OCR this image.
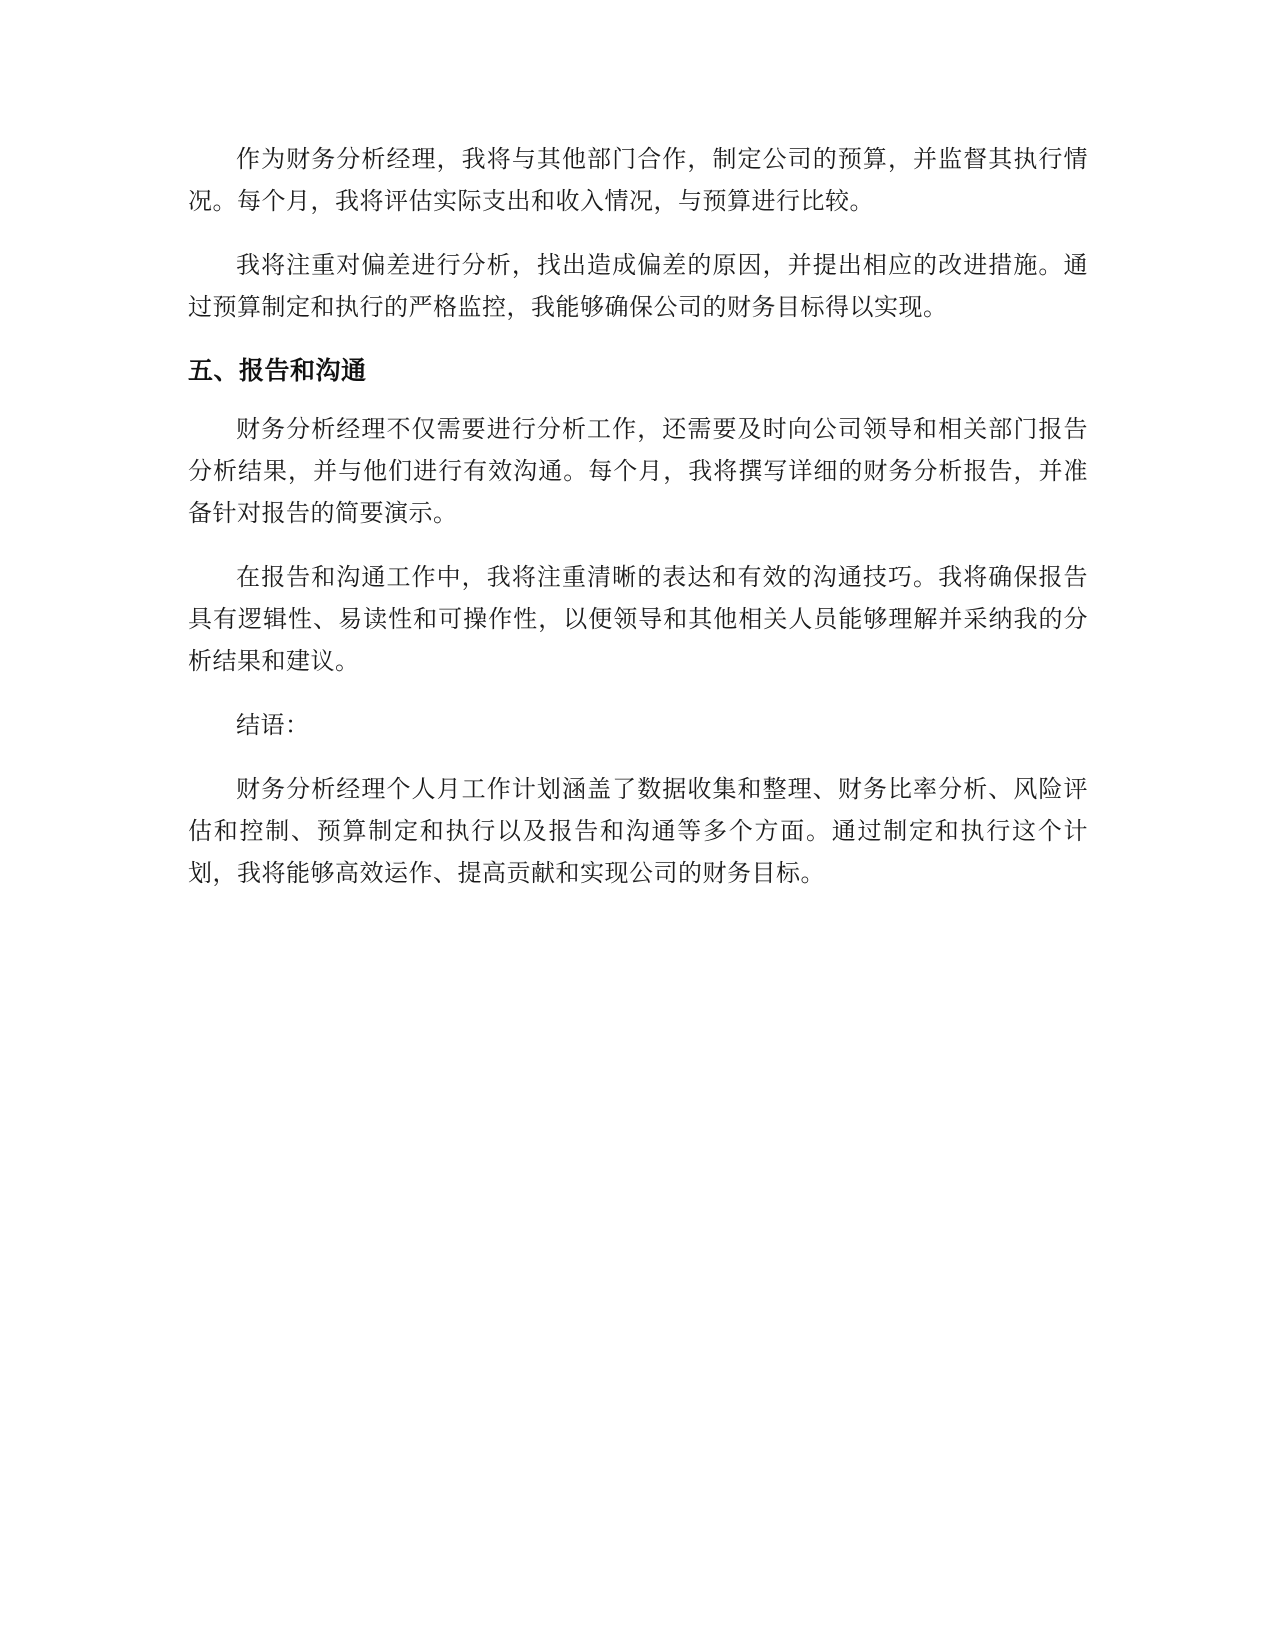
作为财务分析经理，我将与其他部门合作，制定公司的预算，并监督其执行情况。每个月，我将评估实际支出和收入情况，与预算进行比较。

我将注重对偏差进行分析，找出造成偏差的原因，并提出相应的改进措施。通过预算制定和执行的严格监控，我能够确保公司的财务目标得以实现。

五、报告和沟通

财务分析经理不仅需要进行分析工作，还需要及时向公司领导和相关部门报告分析结果，并与他们进行有效沟通。每个月，我将撰写详细的财务分析报告，并准备针对报告的简要演示。

在报告和沟通工作中，我将注重清晰的表达和有效的沟通技巧。我将确保报告具有逻辑性、易读性和可操作性，以便领导和其他相关人员能够理解并采纳我的分析结果和建议。

结语：

财务分析经理个人月工作计划涵盖了数据收集和整理、财务比率分析、风险评估和控制、预算制定和执行以及报告和沟通等多个方面。通过制定和执行这个计划，我将能够高效运作、提高贡献和实现公司的财务目标。
